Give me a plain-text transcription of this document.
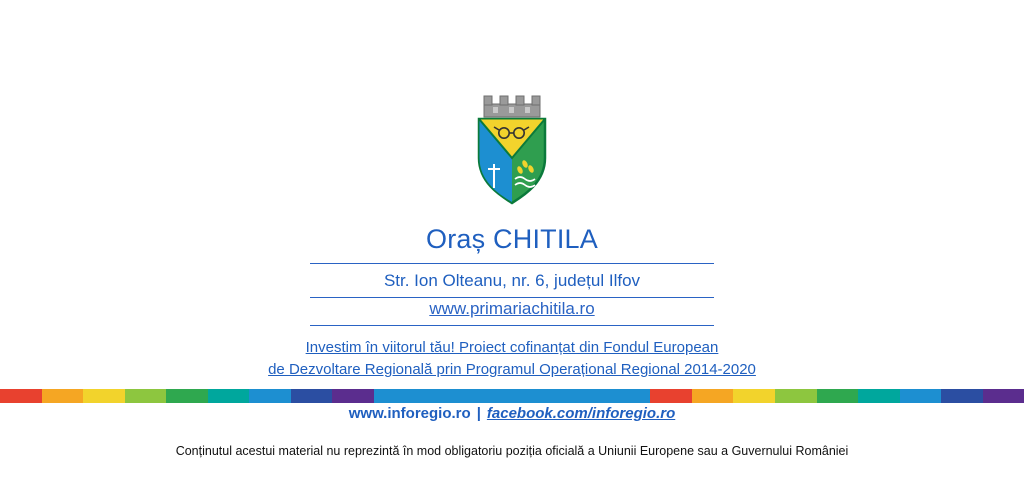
Oraș CHITILA
Str. Ion Olteanu, nr. 6, județul Ilfov
www.primariachitila.ro
Investim în viitorul tău! Proiect cofinanțat din Fondul European
de Dezvoltare Regională prin Programul Operațional Regional 2014-2020
www.inforegio.ro | facebook.com/inforegio.ro
Conținutul acestui material nu reprezintă în mod obligatoriu poziția oficială a Uniunii Europene sau a Guvernului României
